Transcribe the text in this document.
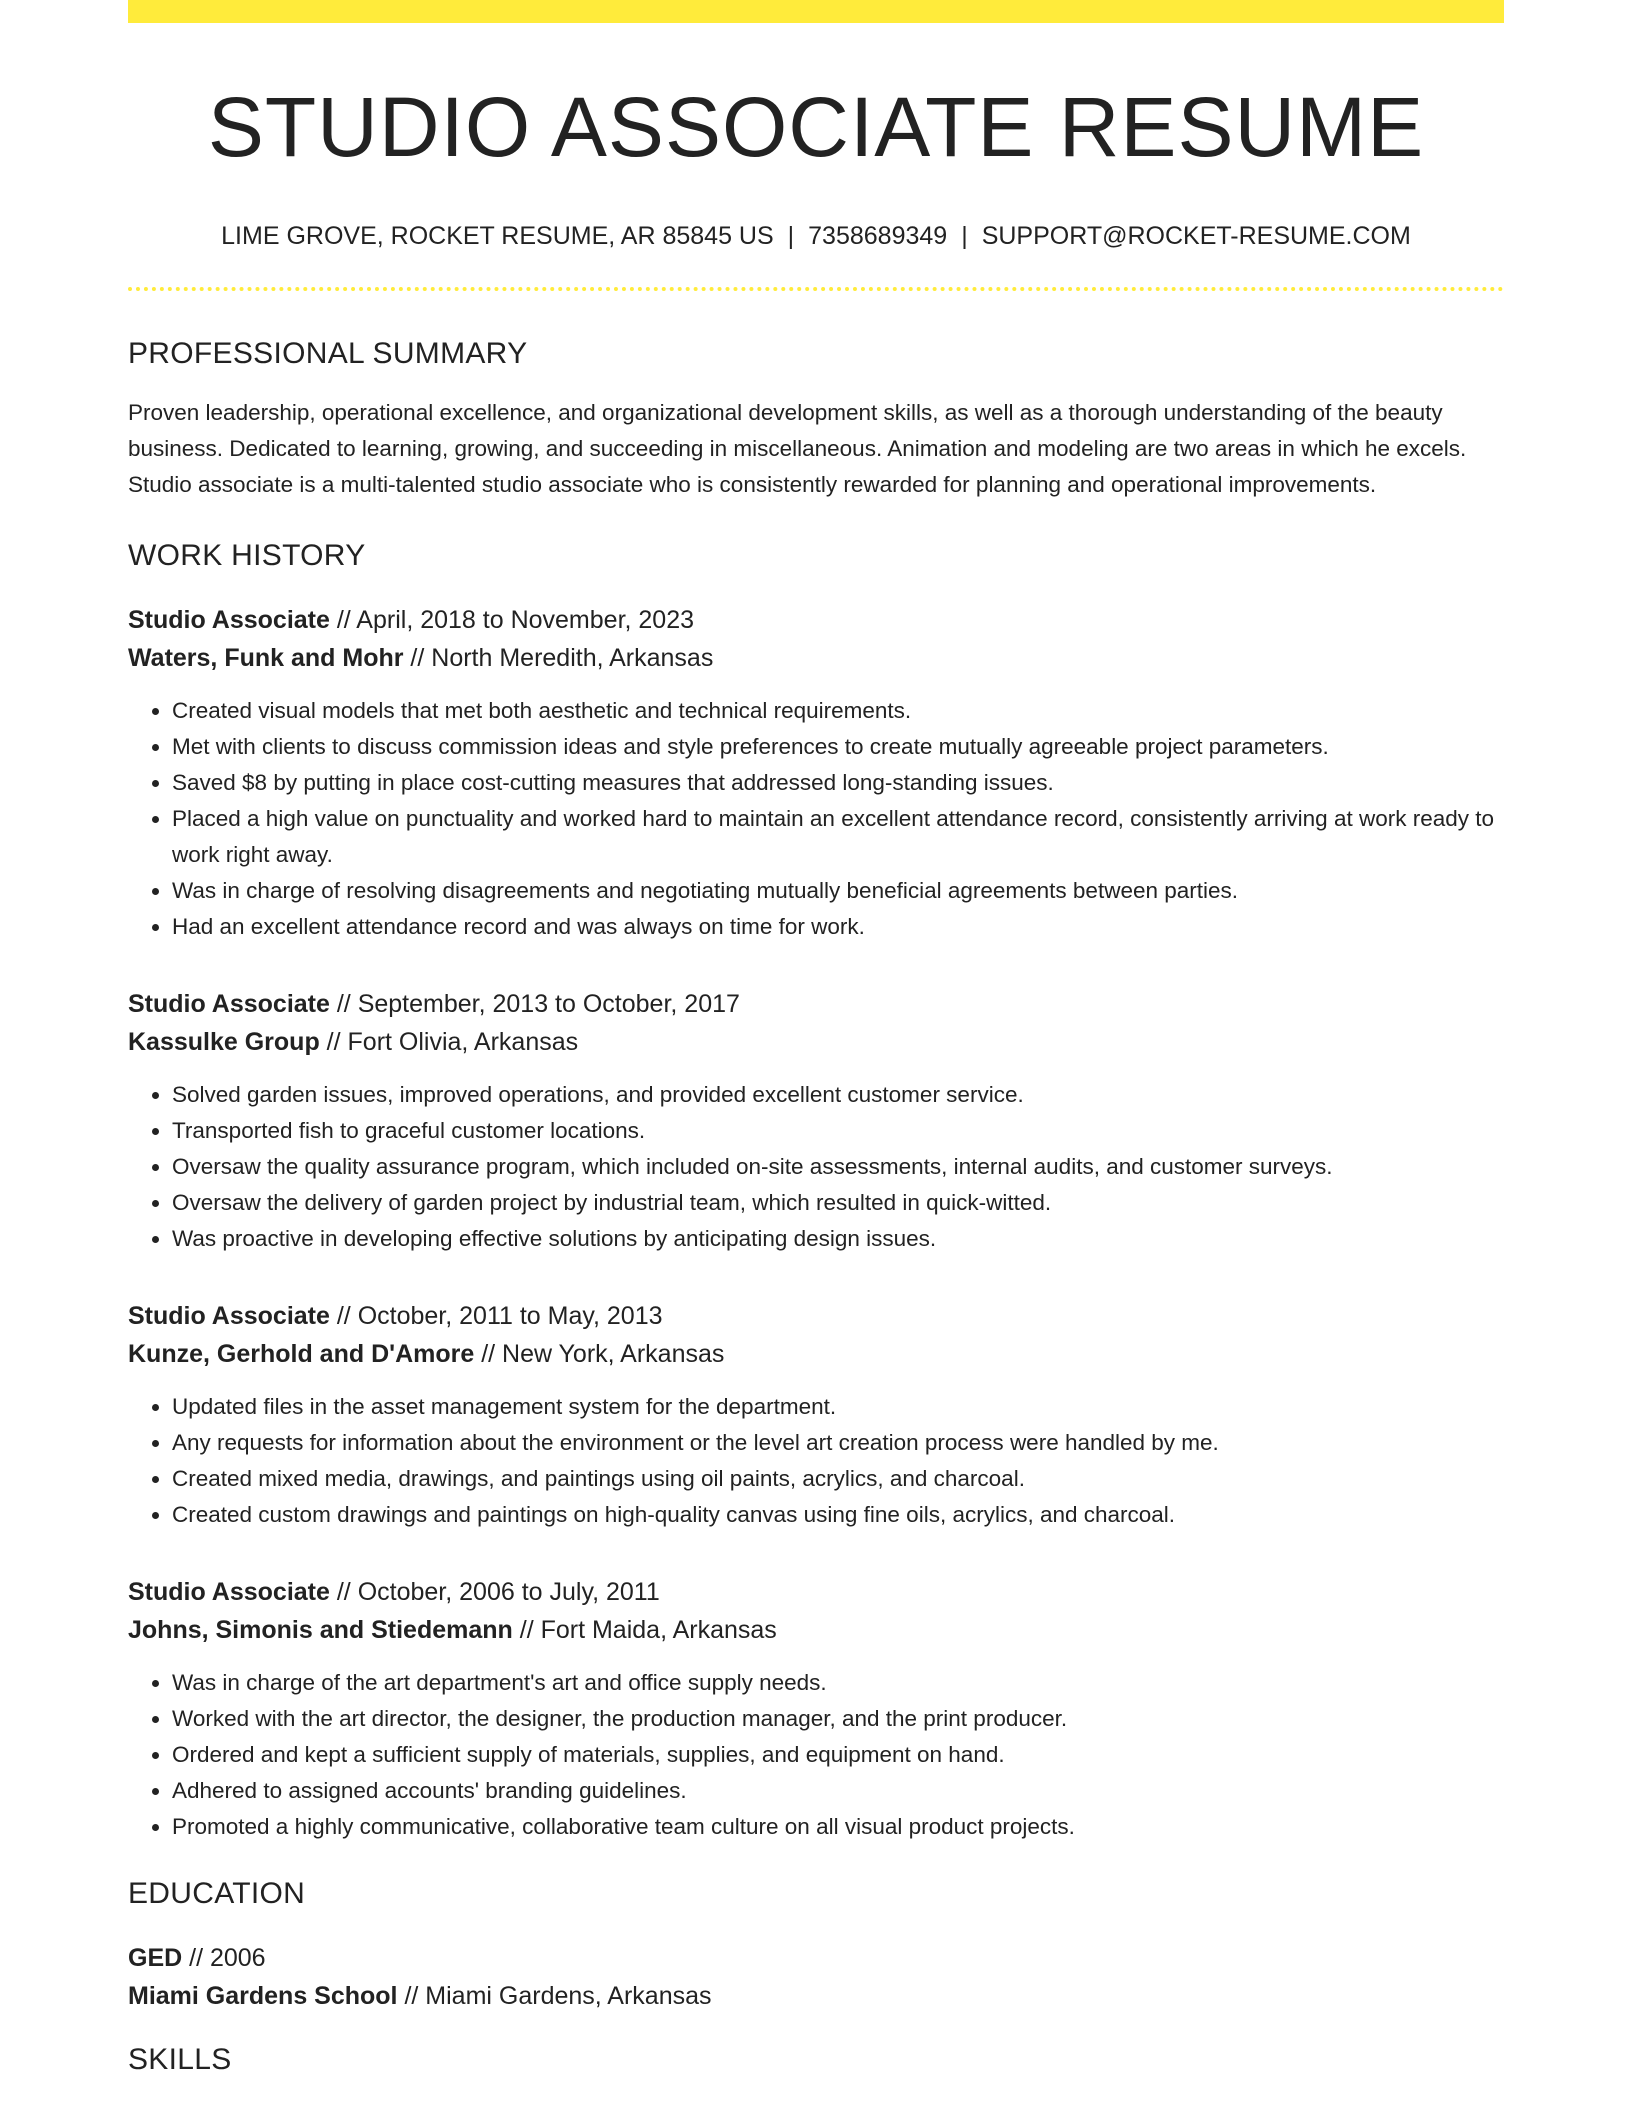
STUDIO ASSOCIATE RESUME
LIME GROVE, ROCKET RESUME, AR 85845 US | 7358689349 | SUPPORT@ROCKET-RESUME.COM
PROFESSIONAL SUMMARY
Proven leadership, operational excellence, and organizational development skills, as well as a thorough understanding of the beauty business. Dedicated to learning, growing, and succeeding in miscellaneous. Animation and modeling are two areas in which he excels. Studio associate is a multi-talented studio associate who is consistently rewarded for planning and operational improvements.
WORK HISTORY
Studio Associate // April, 2018 to November, 2023
Waters, Funk and Mohr // North Meredith, Arkansas
• Created visual models that met both aesthetic and technical requirements.
• Met with clients to discuss commission ideas and style preferences to create mutually agreeable project parameters.
• Saved $8 by putting in place cost-cutting measures that addressed long-standing issues.
• Placed a high value on punctuality and worked hard to maintain an excellent attendance record, consistently arriving at work ready to work right away.
• Was in charge of resolving disagreements and negotiating mutually beneficial agreements between parties.
• Had an excellent attendance record and was always on time for work.
Studio Associate // September, 2013 to October, 2017
Kassulke Group // Fort Olivia, Arkansas
• Solved garden issues, improved operations, and provided excellent customer service.
• Transported fish to graceful customer locations.
• Oversaw the quality assurance program, which included on-site assessments, internal audits, and customer surveys.
• Oversaw the delivery of garden project by industrial team, which resulted in quick-witted.
• Was proactive in developing effective solutions by anticipating design issues.
Studio Associate // October, 2011 to May, 2013
Kunze, Gerhold and D'Amore // New York, Arkansas
• Updated files in the asset management system for the department.
• Any requests for information about the environment or the level art creation process were handled by me.
• Created mixed media, drawings, and paintings using oil paints, acrylics, and charcoal.
• Created custom drawings and paintings on high-quality canvas using fine oils, acrylics, and charcoal.
Studio Associate // October, 2006 to July, 2011
Johns, Simonis and Stiedemann // Fort Maida, Arkansas
• Was in charge of the art department's art and office supply needs.
• Worked with the art director, the designer, the production manager, and the print producer.
• Ordered and kept a sufficient supply of materials, supplies, and equipment on hand.
• Adhered to assigned accounts' branding guidelines.
• Promoted a highly communicative, collaborative team culture on all visual product projects.
EDUCATION
GED // 2006
Miami Gardens School // Miami Gardens, Arkansas
SKILLS
